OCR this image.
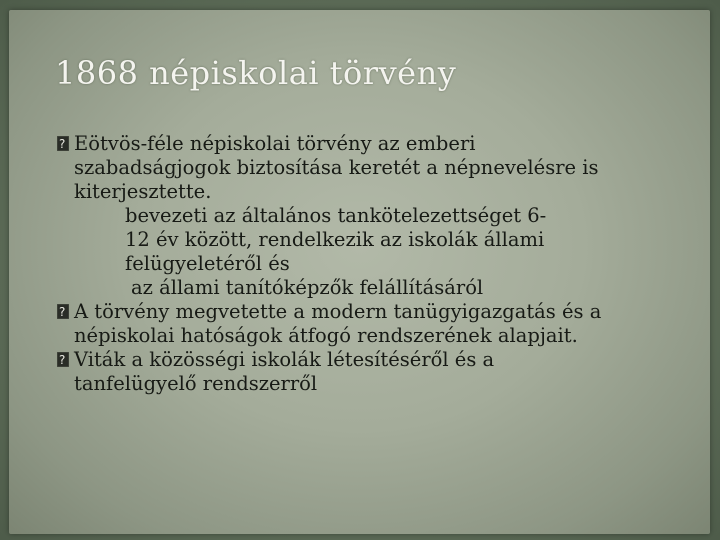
1868 népiskolai törvény
?
Eötvös-féle népiskolai törvény az emberi
szabadságjogok biztosítása keretét a népnevelésre is
kiterjesztette.
bevezeti az általános tankötelezettséget 6-
12 év között, rendelkezik az iskolák állami
felügyeletéről és
az állami tanítóképzők felállításáról
?
A törvény megvetette a modern tanügyigazgatás és a
népiskolai hatóságok átfogó rendszerének alapjait.
?
Viták a közösségi iskolák létesítéséről és a
tanfelügyelő rendszerről
